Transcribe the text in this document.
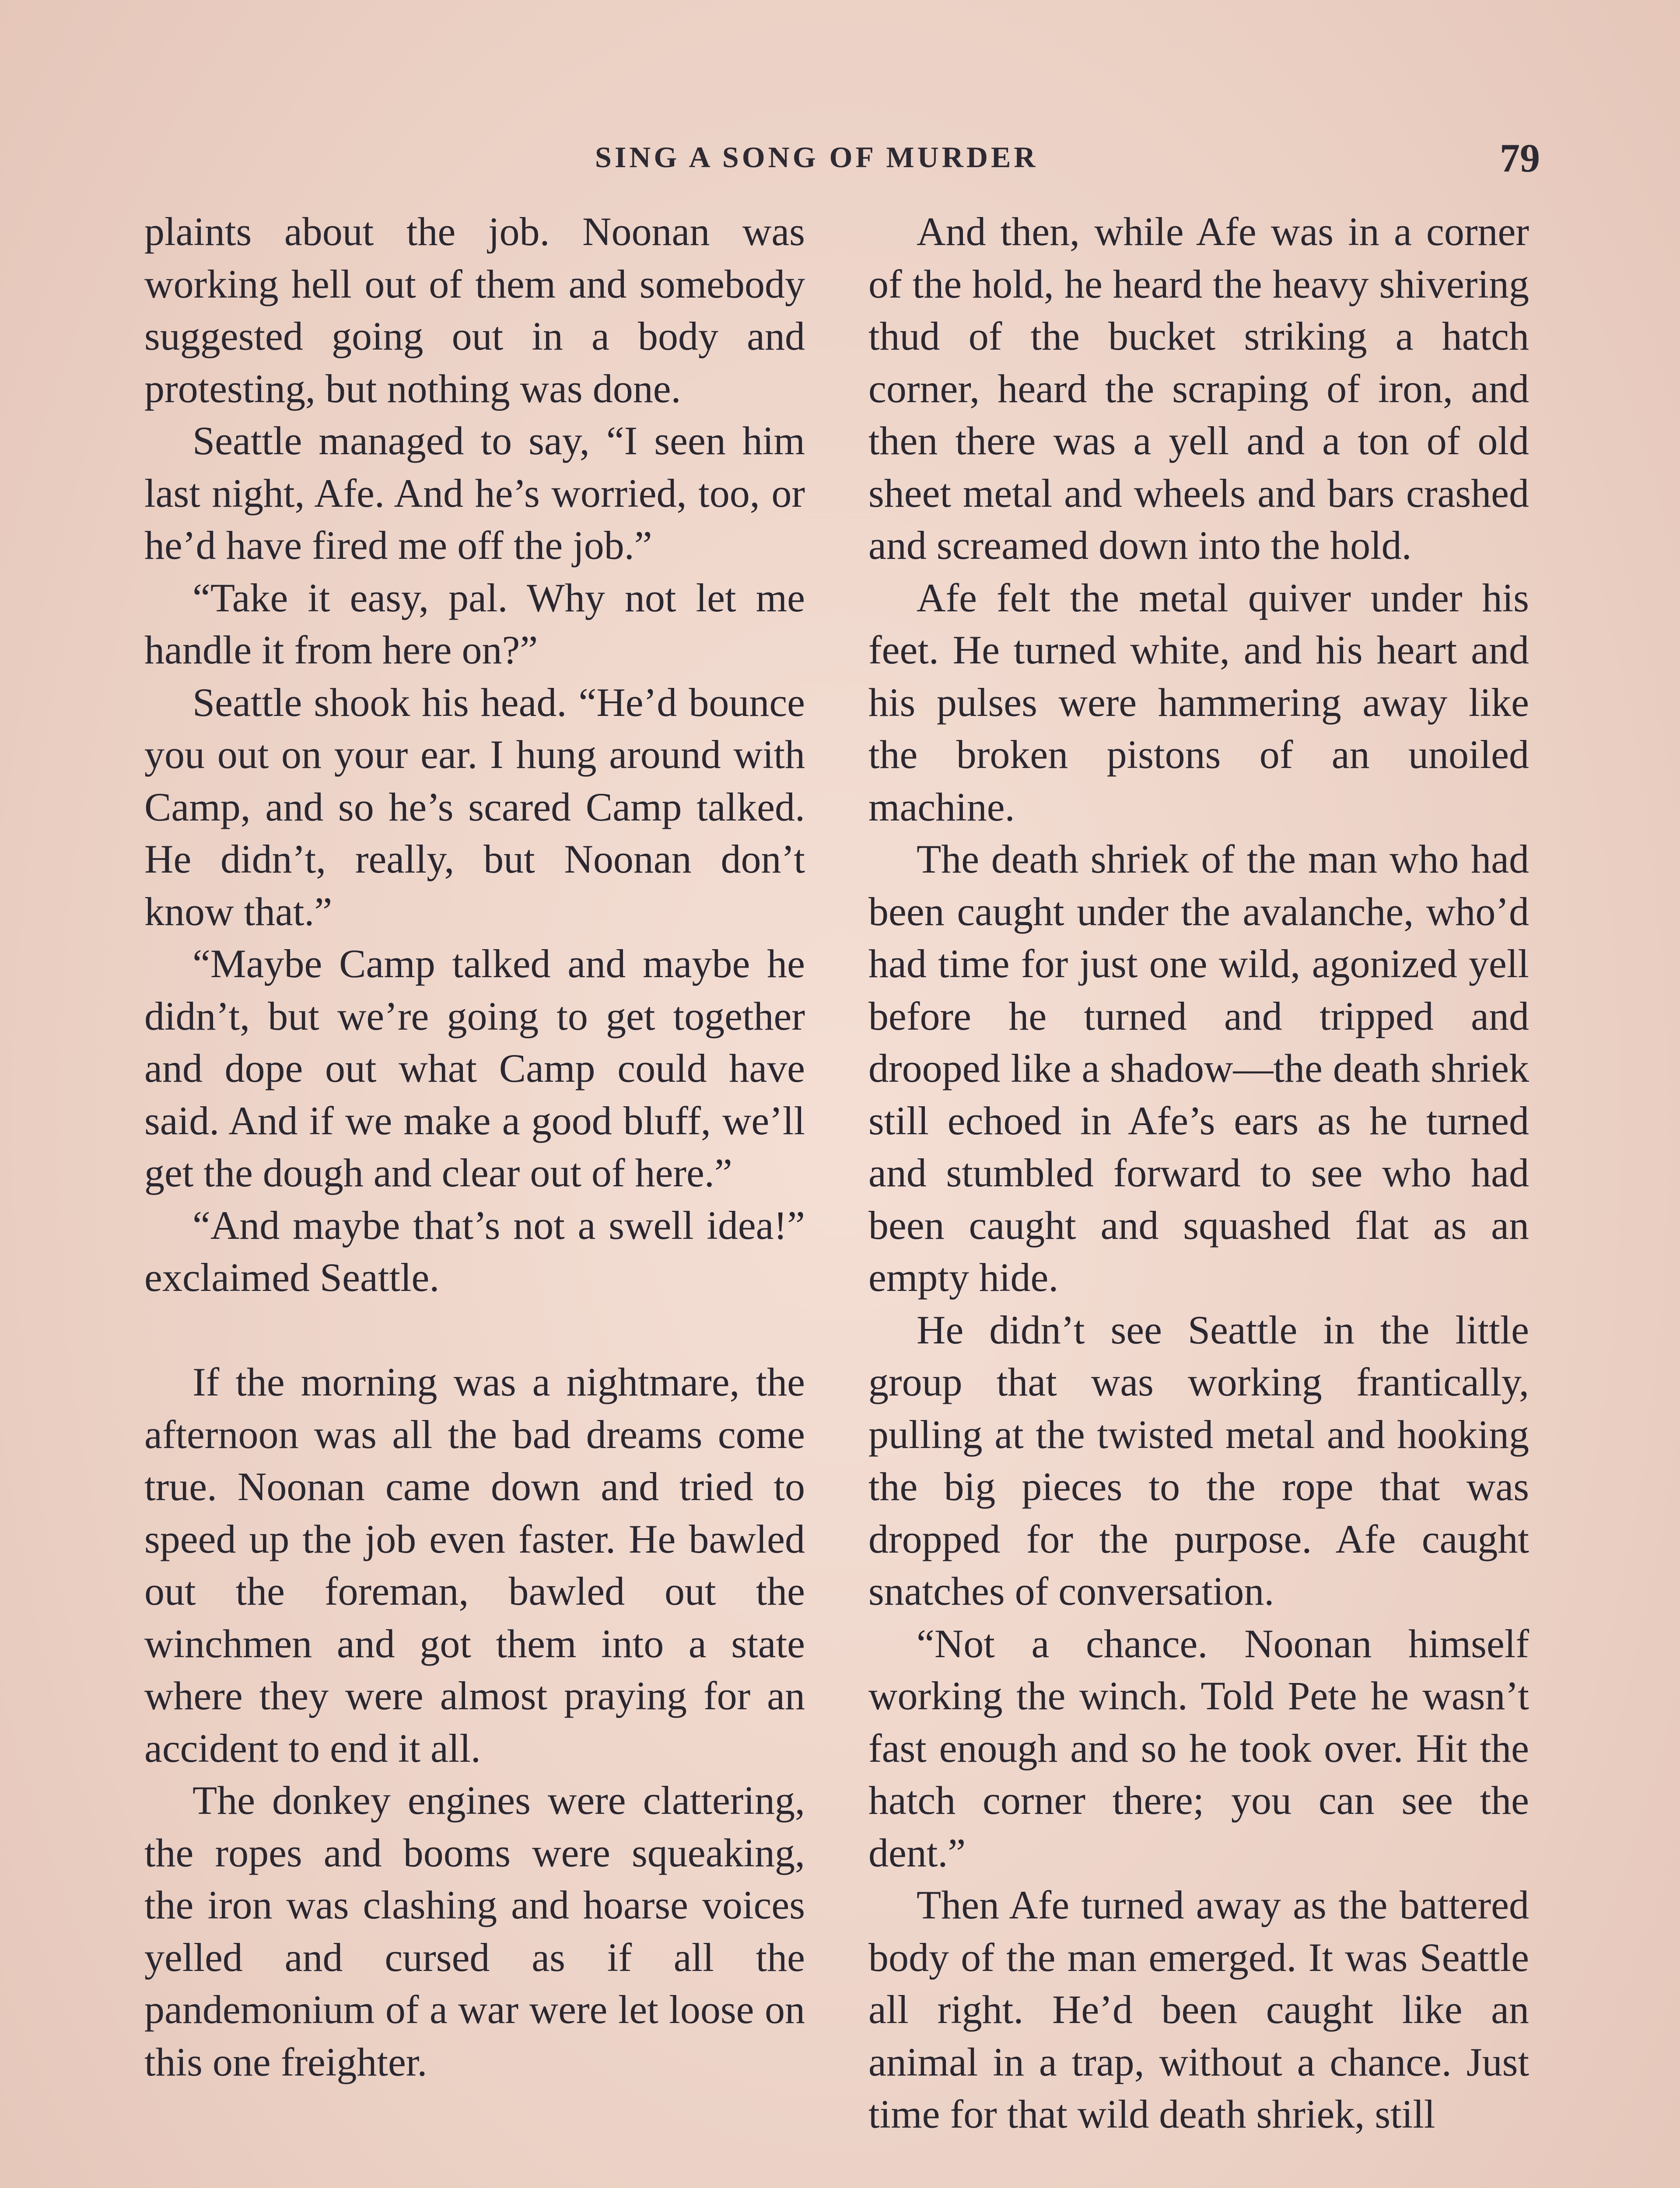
SING A SONG OF MURDER	79

plaints about the job. Noonan was working hell out of them and somebody suggested going out in a body and protesting, but nothing was done.

Seattle managed to say, “I seen him last night, Afe. And he’s worried, too, or he’d have fired me off the job.”

“Take it easy, pal. Why not let me handle it from here on?”

Seattle shook his head. “He’d bounce you out on your ear. I hung around with Camp, and so he’s scared Camp talked. He didn’t, really, but Noonan don’t know that.”

“Maybe Camp talked and maybe he didn’t, but we’re going to get together and dope out what Camp could have said. And if we make a good bluff, we’ll get the dough and clear out of here.”

“And maybe that’s not a swell idea!” exclaimed Seattle.

If the morning was a nightmare, the afternoon was all the bad dreams come true. Noonan came down and tried to speed up the job even faster. He bawled out the foreman, bawled out the winchmen and got them into a state where they were almost praying for an accident to end it all.

The donkey engines were clattering, the ropes and booms were squeaking, the iron was clashing and hoarse voices yelled and cursed as if all the pandemonium of a war were let loose on this one freighter.

And then, while Afe was in a corner of the hold, he heard the heavy shivering thud of the bucket striking a hatch corner, heard the scraping of iron, and then there was a yell and a ton of old sheet metal and wheels and bars crashed and screamed down into the hold.

Afe felt the metal quiver under his feet. He turned white, and his heart and his pulses were hammering away like the broken pistons of an unoiled machine.

The death shriek of the man who had been caught under the avalanche, who’d had time for just one wild, agonized yell before he turned and tripped and drooped like a shadow—the death shriek still echoed in Afe’s ears as he turned and stumbled forward to see who had been caught and squashed flat as an empty hide.

He didn’t see Seattle in the little group that was working frantically, pulling at the twisted metal and hooking the big pieces to the rope that was dropped for the purpose. Afe caught snatches of conversation.

“Not a chance. Noonan himself working the winch. Told Pete he wasn’t fast enough and so he took over. Hit the hatch corner there; you can see the dent.”

Then Afe turned away as the battered body of the man emerged. It was Seattle all right. He’d been caught like an animal in a trap, without a chance. Just time for that wild death shriek, still
